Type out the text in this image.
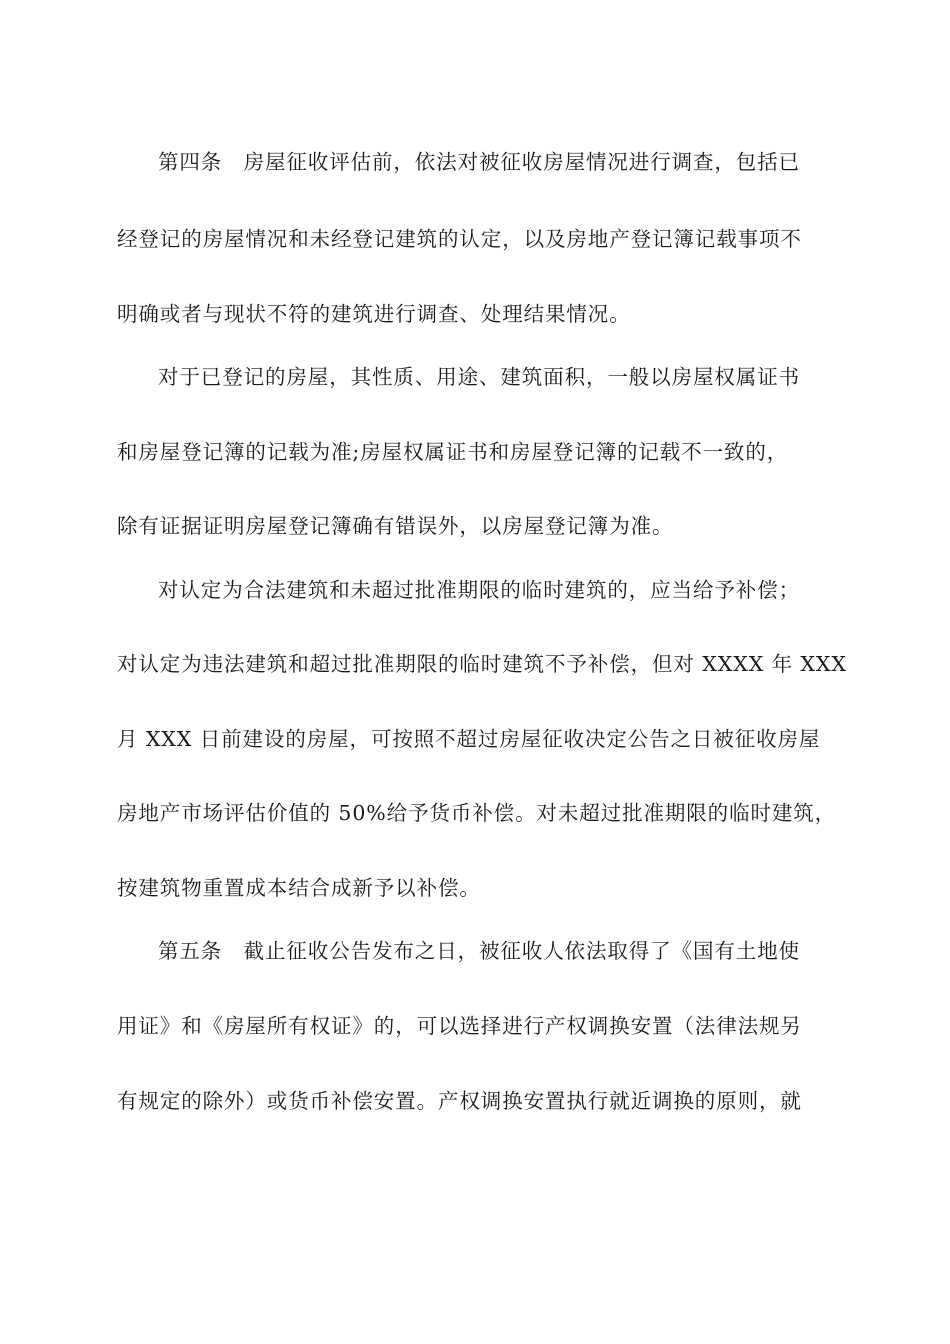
第四条　房屋征收评估前，依法对被征收房屋情况进行调查，包括已
经登记的房屋情况和未经登记建筑的认定，以及房地产登记簿记载事项不
明确或者与现状不符的建筑进行调查、处理结果情况。
对于已登记的房屋，其性质、用途、建筑面积，一般以房屋权属证书
和房屋登记簿的记载为准;房屋权属证书和房屋登记簿的记载不一致的，
除有证据证明房屋登记簿确有错误外，以房屋登记簿为准。
对认定为合法建筑和未超过批准期限的临时建筑的，应当给予补偿；
对认定为违法建筑和超过批准期限的临时建筑不予补偿，但对 XXXX 年 XXX
月 XXX 日前建设的房屋，可按照不超过房屋征收决定公告之日被征收房屋
房地产市场评估价值的 50%给予货币补偿。对未超过批准期限的临时建筑，
按建筑物重置成本结合成新予以补偿。
第五条　截止征收公告发布之日，被征收人依法取得了《国有土地使
用证》和《房屋所有权证》的，可以选择进行产权调换安置（法律法规另
有规定的除外）或货币补偿安置。产权调换安置执行就近调换的原则，就
